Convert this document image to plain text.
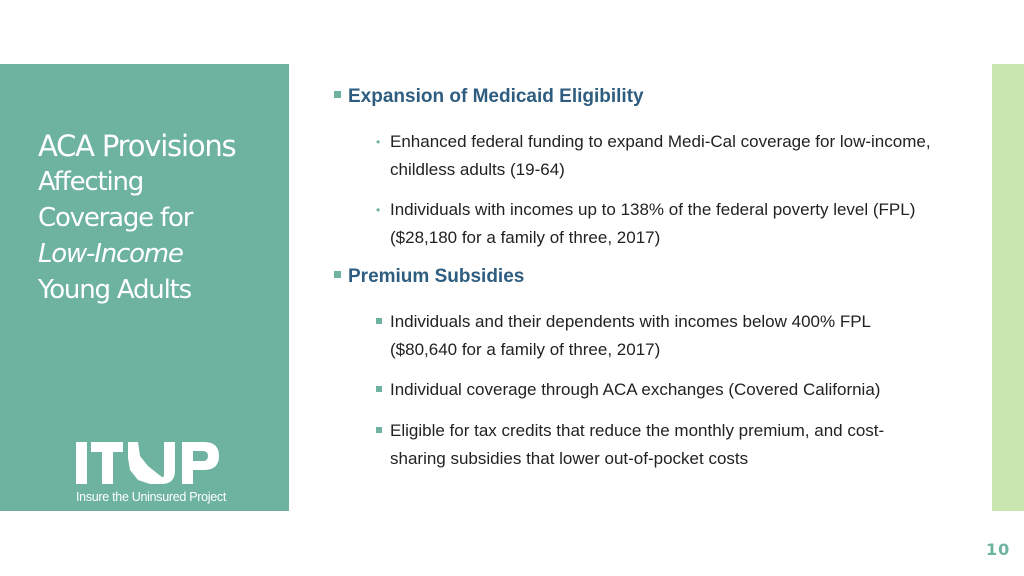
ACA Provisions
Affecting
Coverage for
Low-Income
Young Adults
Insure the Uninsured Project
Expansion of Medicaid Eligibility
• Enhanced federal funding to expand Medi-Cal coverage for low-income, childless adults (19-64)
• Individuals with incomes up to 138% of the federal poverty level (FPL) ($28,180 for a family of three, 2017)
Premium Subsidies
Individuals and their dependents with incomes below 400% FPL ($80,640 for a family of three, 2017)
Individual coverage through ACA exchanges (Covered California)
Eligible for tax credits that reduce the monthly premium, and cost-sharing subsidies that lower out-of-pocket costs
10
